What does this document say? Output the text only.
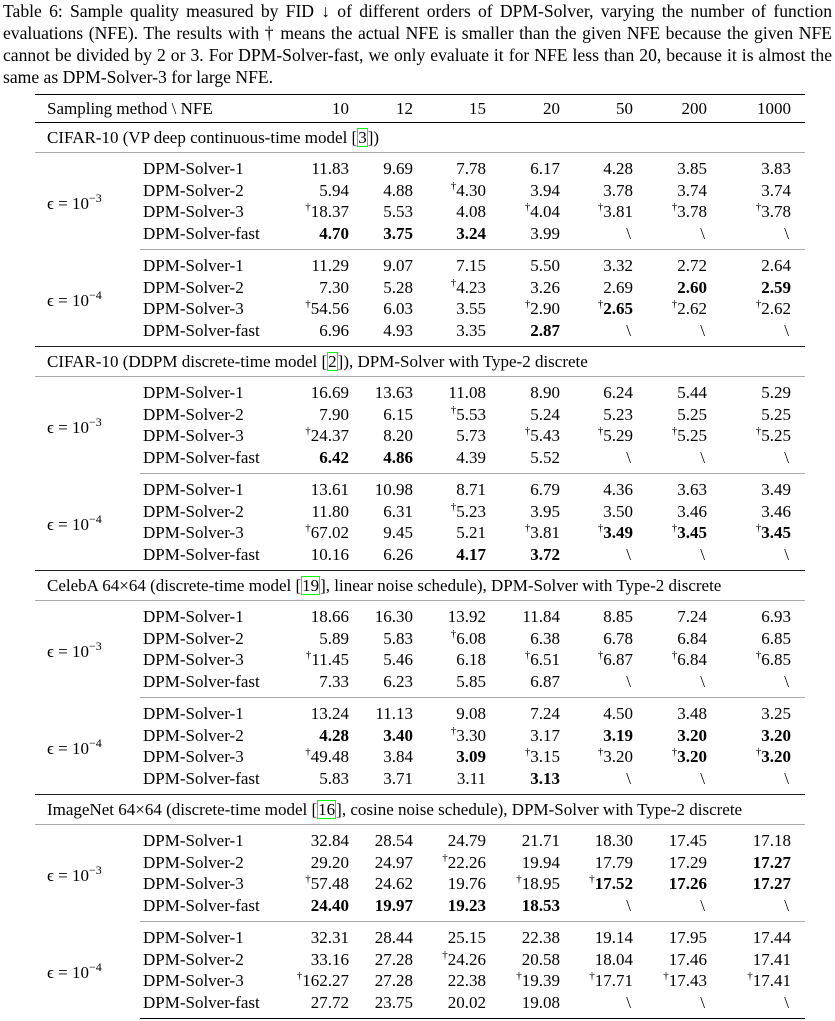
Table 6: Sample quality measured by FID ↓ of different orders of DPM-Solver, varying the number of function evaluations (NFE). The results with † means the actual NFE is smaller than the given NFE because the given NFE cannot be divided by 2 or 3. For DPM-Solver-fast, we only evaluate it for NFE less than 20, because it is almost the same as DPM-Solver-3 for large NFE.
Sampling method \ NFE		10	12	15	20	50	200	1000
CIFAR-10 (VP deep continuous-time model [3])								
$\epsilon = 10^{-3}$	DPM-Solver-1	11.83	9.69	7.78	6.17	4.28	3.85	3.83
	DPM-Solver-2	5.94	4.88	†4.30	3.94	3.78	3.74	3.74
	DPM-Solver-3	†18.37	5.53	4.08	†4.04	†3.81	†3.78	†3.78
	DPM-Solver-fast	4.70	3.75	3.24	3.99	\	\	\
$\epsilon = 10^{-4}$	DPM-Solver-1	11.29	9.07	7.15	5.50	3.32	2.72	2.64
	DPM-Solver-2	7.30	5.28	†4.23	3.26	2.69	2.60	2.59
	DPM-Solver-3	†54.56	6.03	3.55	†2.90	†2.65	†2.62	†2.62
	DPM-Solver-fast	6.96	4.93	3.35	2.87	\	\	\
CIFAR-10 (DDPM discrete-time model [2]), DPM-Solver with Type-2 discrete								
$\epsilon = 10^{-3}$	DPM-Solver-1	16.69	13.63	11.08	8.90	6.24	5.44	5.29
	DPM-Solver-2	7.90	6.15	†5.53	5.24	5.23	5.25	5.25
	DPM-Solver-3	†24.37	8.20	5.73	†5.43	†5.29	†5.25	†5.25
	DPM-Solver-fast	6.42	4.86	4.39	5.52	\	\	\
$\epsilon = 10^{-4}$	DPM-Solver-1	13.61	10.98	8.71	6.79	4.36	3.63	3.49
	DPM-Solver-2	11.80	6.31	†5.23	3.95	3.50	3.46	3.46
	DPM-Solver-3	†67.02	9.45	5.21	†3.81	†3.49	†3.45	†3.45
	DPM-Solver-fast	10.16	6.26	4.17	3.72	\	\	\
CelebA 64×64 (discrete-time model [19], linear noise schedule), DPM-Solver with Type-2 discrete								
$\epsilon = 10^{-3}$	DPM-Solver-1	18.66	16.30	13.92	11.84	8.85	7.24	6.93
	DPM-Solver-2	5.89	5.83	†6.08	6.38	6.78	6.84	6.85
	DPM-Solver-3	†11.45	5.46	6.18	†6.51	†6.87	†6.84	†6.85
	DPM-Solver-fast	7.33	6.23	5.85	6.87	\	\	\
$\epsilon = 10^{-4}$	DPM-Solver-1	13.24	11.13	9.08	7.24	4.50	3.48	3.25
	DPM-Solver-2	4.28	3.40	†3.30	3.17	3.19	3.20	3.20
	DPM-Solver-3	†49.48	3.84	3.09	†3.15	†3.20	†3.20	†3.20
	DPM-Solver-fast	5.83	3.71	3.11	3.13	\	\	\
ImageNet 64×64 (discrete-time model [16], cosine noise schedule), DPM-Solver with Type-2 discrete								
$\epsilon = 10^{-3}$	DPM-Solver-1	32.84	28.54	24.79	21.71	18.30	17.45	17.18
	DPM-Solver-2	29.20	24.97	†22.26	19.94	17.79	17.29	17.27
	DPM-Solver-3	†57.48	24.62	19.76	†18.95	†17.52	17.26	17.27
	DPM-Solver-fast	24.40	19.97	19.23	18.53	\	\	\
$\epsilon = 10^{-4}$	DPM-Solver-1	32.31	28.44	25.15	22.38	19.14	17.95	17.44
	DPM-Solver-2	33.16	27.28	†24.26	20.58	18.04	17.46	17.41
	DPM-Solver-3	†162.27	27.28	22.38	†19.39	†17.71	†17.43	†17.41
	DPM-Solver-fast	27.72	23.75	20.02	19.08	\	\	\
